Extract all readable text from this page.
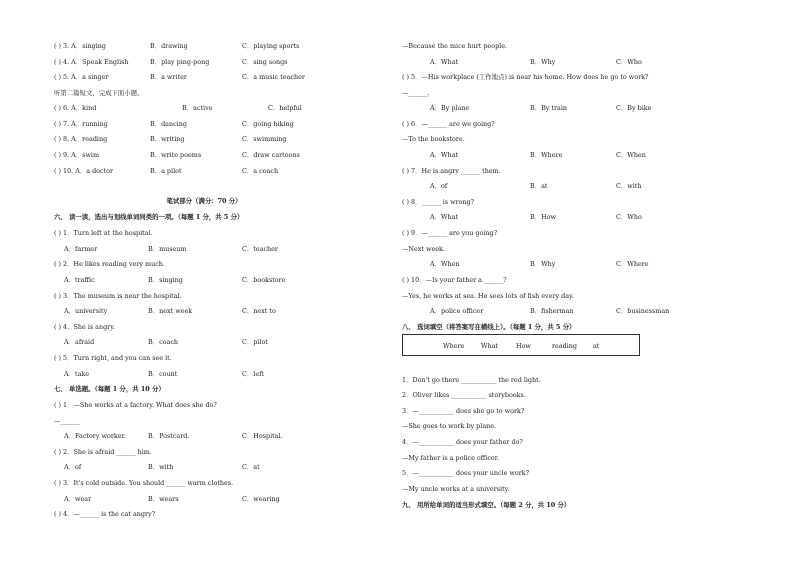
( ) 3. A．singing	B．drawing	C．playing sports
( ) 4. A．Speak English	B．play ping-pong	C．sing songs
( ) 5. A．a singer	B．a writer	C．a music teacher
听第二篇短文，完成下面小题。
( ) 6. A．kind	B．active	C．helpful
( ) 7. A．running	B．dancing	C．going hiking
( ) 8. A．reading	B．writing	C．swimming
( ) 9. A．swim	B．write poems	C．draw cartoons
( ) 10. A．a doctor	B．a pilot	C．a coach
笔试部分（满分：70 分）
六、 读一读，选出与划线单词同类的一项。（每题 1 分，共 5 分）
( ) 1．Turn left at the hospital.
A．farmer	B．museum	C．teacher
( ) 2．He likes reading very much.
A．traffic	B．singing	C．bookstore
( ) 3．The museum is near the hospital.
A．university	B．next week	C．next to
( ) 4．She is angry.
A．afraid	B．coach	C．pilot
( ) 5．Turn right, and you can see it.
A．take	B．count	C．left
七、 单选题。（每题 1 分，共 10 分）
( ) 1．—She works at a factory. What does she do?
—______
A．Factory worker.	B．Postcard.	C．Hospital.
( ) 2．She is afraid ______ him.
A．of	B．with	C．at
( ) 3．It's cold outside. You should ______ warm clothes.
A．wear	B．wears	C．wearing
( ) 4．—______ is the cat angry?
—Because the mice hurt people.
A．What	B．Why	C．Who
( ) 5．—His workplace (工作地点) is near his home. How does he go to work?
—______.
A．By plane	B．By train	C．By bike
( ) 6．—______ are we going?
—To the bookstore.
A．What	B．Where	C．When
( ) 7．He is angry ______ them.
A．of	B．at	C．with
( ) 8．______ is wrong?
A．What	B．How	C．Who
( ) 9．—______ are you going?
—Next week.
A．When	B．Why	C．Where
( ) 10．—Is your father a ______?
—Yes, he works at sea. He sees lots of fish every day.
A．police officer	B．fisherman	C．businessman
八、 选词填空（将答案写在横线上）。（每题 1 分，共 5 分）
Where	What	How	reading	at
1．Don't go there ___________ the red light.
2．Oliver likes ___________ storybooks.
3．—___________ does she go to work?
—She goes to work by plane.
4．—___________ does your father do?
—My father is a police officer.
5．—___________ does your uncle work?
—My uncle works at a university.
九、 用所给单词的适当形式填空。（每题 2 分，共 10 分）
